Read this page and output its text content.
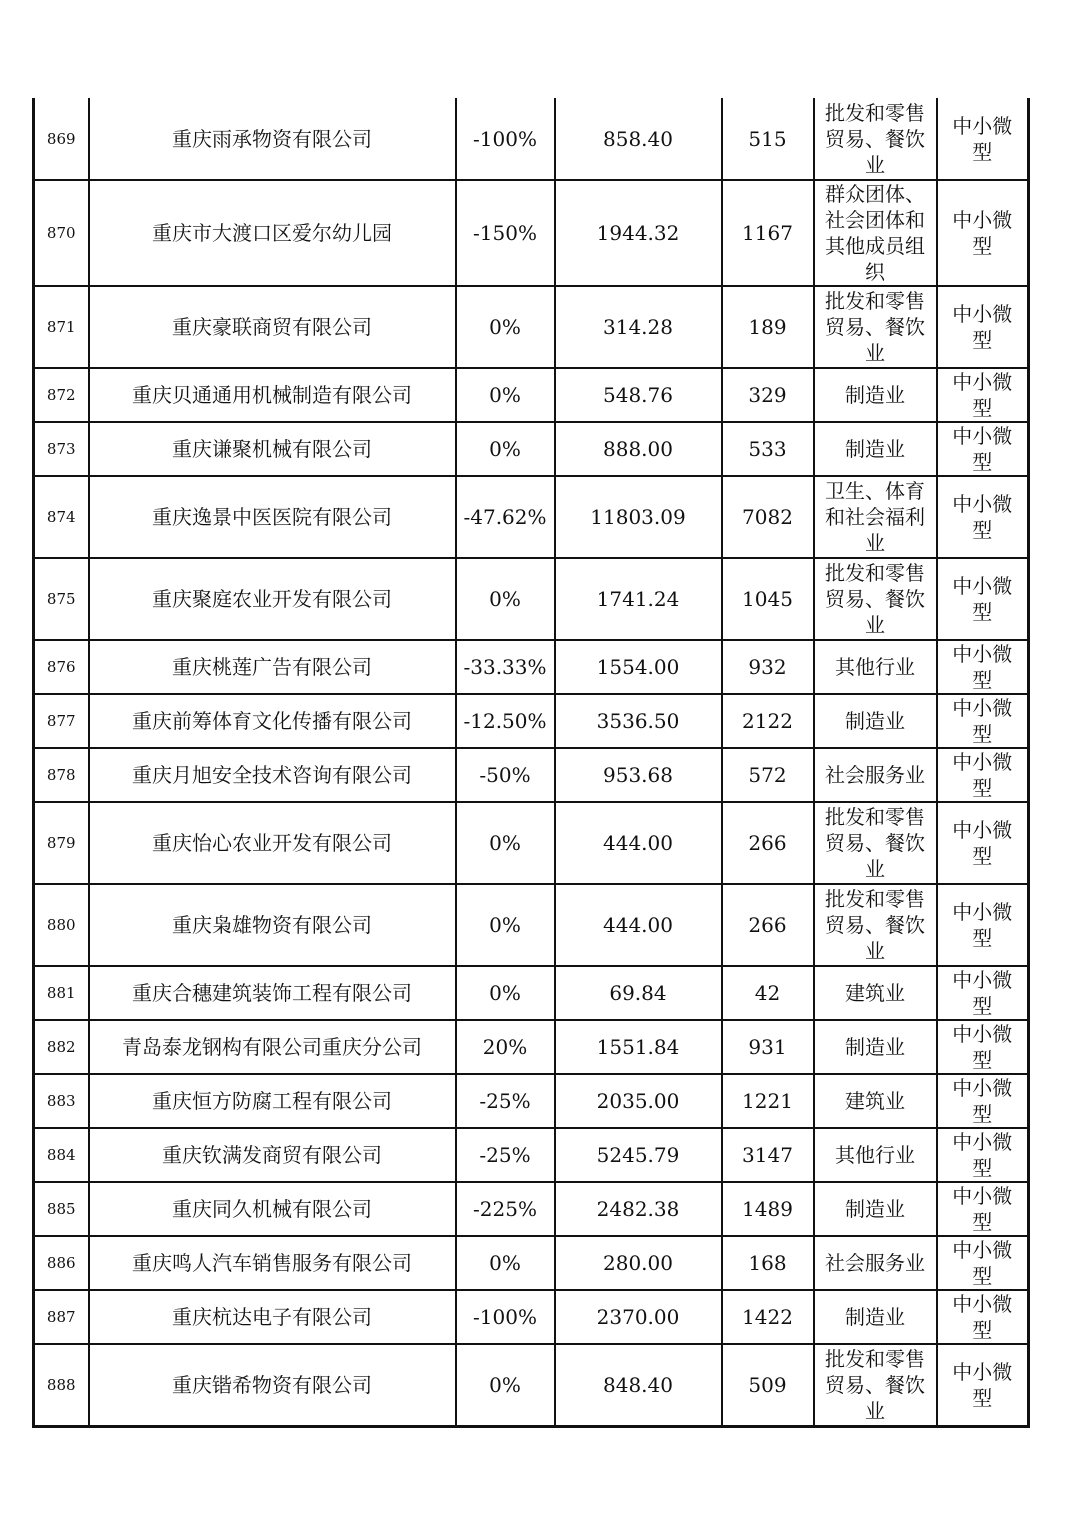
869	重庆雨承物资有限公司	-100%	858.40	515	批发和零售贸易、餐饮业	中小微型
870	重庆市大渡口区爱尔幼儿园	-150%	1944.32	1167	群众团体、社会团体和其他成员组织	中小微型
871	重庆豪联商贸有限公司	0%	314.28	189	批发和零售贸易、餐饮业	中小微型
872	重庆贝通通用机械制造有限公司	0%	548.76	329	制造业	中小微型
873	重庆谦聚机械有限公司	0%	888.00	533	制造业	中小微型
874	重庆逸景中医医院有限公司	-47.62%	11803.09	7082	卫生、体育和社会福利业	中小微型
875	重庆聚庭农业开发有限公司	0%	1741.24	1045	批发和零售贸易、餐饮业	中小微型
876	重庆桃莲广告有限公司	-33.33%	1554.00	932	其他行业	中小微型
877	重庆前筹体育文化传播有限公司	-12.50%	3536.50	2122	制造业	中小微型
878	重庆月旭安全技术咨询有限公司	-50%	953.68	572	社会服务业	中小微型
879	重庆怡心农业开发有限公司	0%	444.00	266	批发和零售贸易、餐饮业	中小微型
880	重庆枭雄物资有限公司	0%	444.00	266	批发和零售贸易、餐饮业	中小微型
881	重庆合穗建筑装饰工程有限公司	0%	69.84	42	建筑业	中小微型
882	青岛泰龙钢构有限公司重庆分公司	20%	1551.84	931	制造业	中小微型
883	重庆恒方防腐工程有限公司	-25%	2035.00	1221	建筑业	中小微型
884	重庆钦满发商贸有限公司	-25%	5245.79	3147	其他行业	中小微型
885	重庆同久机械有限公司	-225%	2482.38	1489	制造业	中小微型
886	重庆鸣人汽车销售服务有限公司	0%	280.00	168	社会服务业	中小微型
887	重庆杭达电子有限公司	-100%	2370.00	1422	制造业	中小微型
888	重庆锴希物资有限公司	0%	848.40	509	批发和零售贸易、餐饮业	中小微型
